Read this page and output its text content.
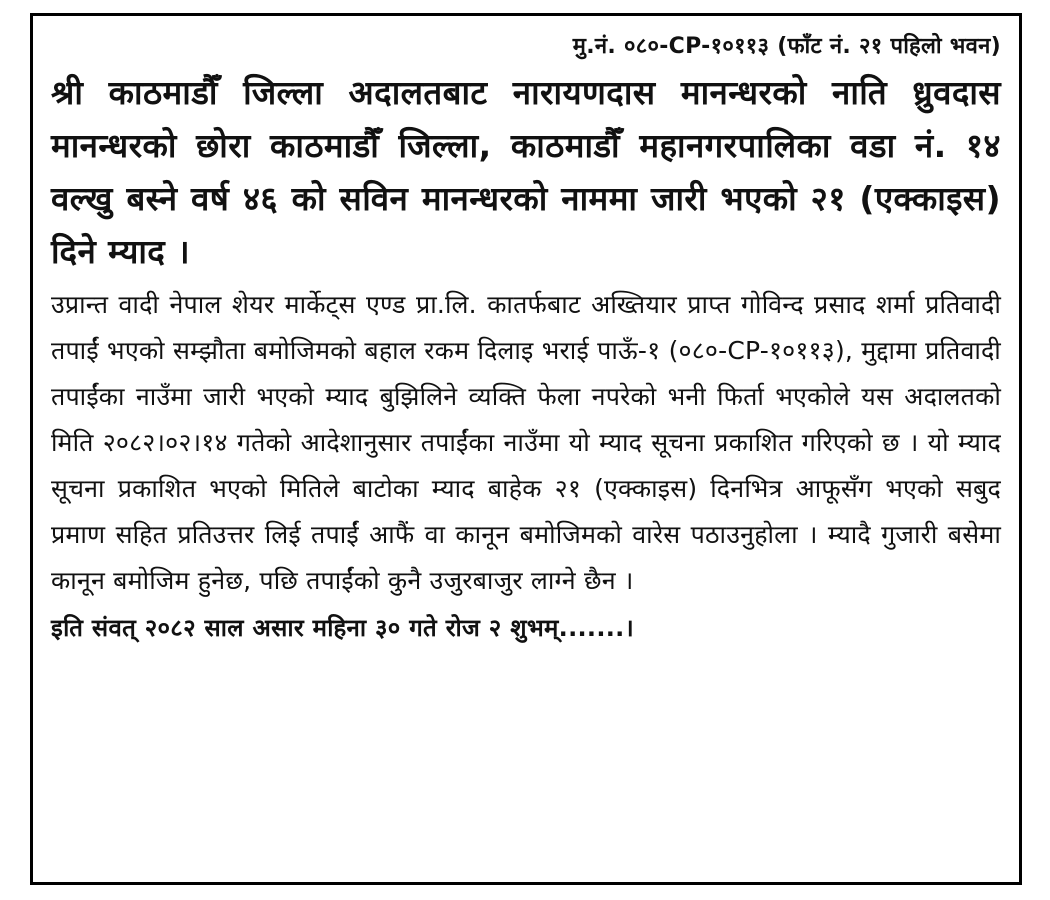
मु.नं. ०८०-CP-१०११३ (फाँट नं. २१ पहिलो भवन)

श्री काठमाडौँ जिल्ला अदालतबाट नारायणदास मानन्धरको नाति ध्रुवदास मानन्धरको छोरा काठमाडौँ जिल्ला, काठमाडौँ महानगरपालिका वडा नं. १४ वल्खु बस्ने वर्ष ४६ को सविन मानन्धरको नाममा जारी भएको २१ (एक्काइस) दिने म्याद ।

उप्रान्त वादी नेपाल शेयर मार्केट्स एण्ड प्रा.लि. कातर्फबाट अख्तियार प्राप्त गोविन्द प्रसाद शर्मा प्रतिवादी तपाईं भएको सम्झौता बमोजिमको बहाल रकम दिलाइ भराई पाऊँ-१ (०८०-CP-१०११३), मुद्दामा प्रतिवादी तपाईंका नाउँमा जारी भएको म्याद बुझिलिने व्यक्ति फेला नपरेको भनी फिर्ता भएकोले यस अदालतको मिति २०८२।०२।१४ गतेको आदेशानुसार तपाईंका नाउँमा यो म्याद सूचना प्रकाशित गरिएको छ । यो म्याद सूचना प्रकाशित भएको मितिले बाटोका म्याद बाहेक २१ (एक्काइस) दिनभित्र आफूसँग भएको सबुद प्रमाण सहित प्रतिउत्तर लिई तपाईं आफैं वा कानून बमोजिमको वारेस पठाउनुहोला । म्यादै गुजारी बसेमा कानून बमोजिम हुनेछ, पछि तपाईंको कुनै उजुरबाजुर लाग्ने छैन ।

इति संवत् २०८२ साल असार महिना ३० गते रोज २ शुभम्.......।
